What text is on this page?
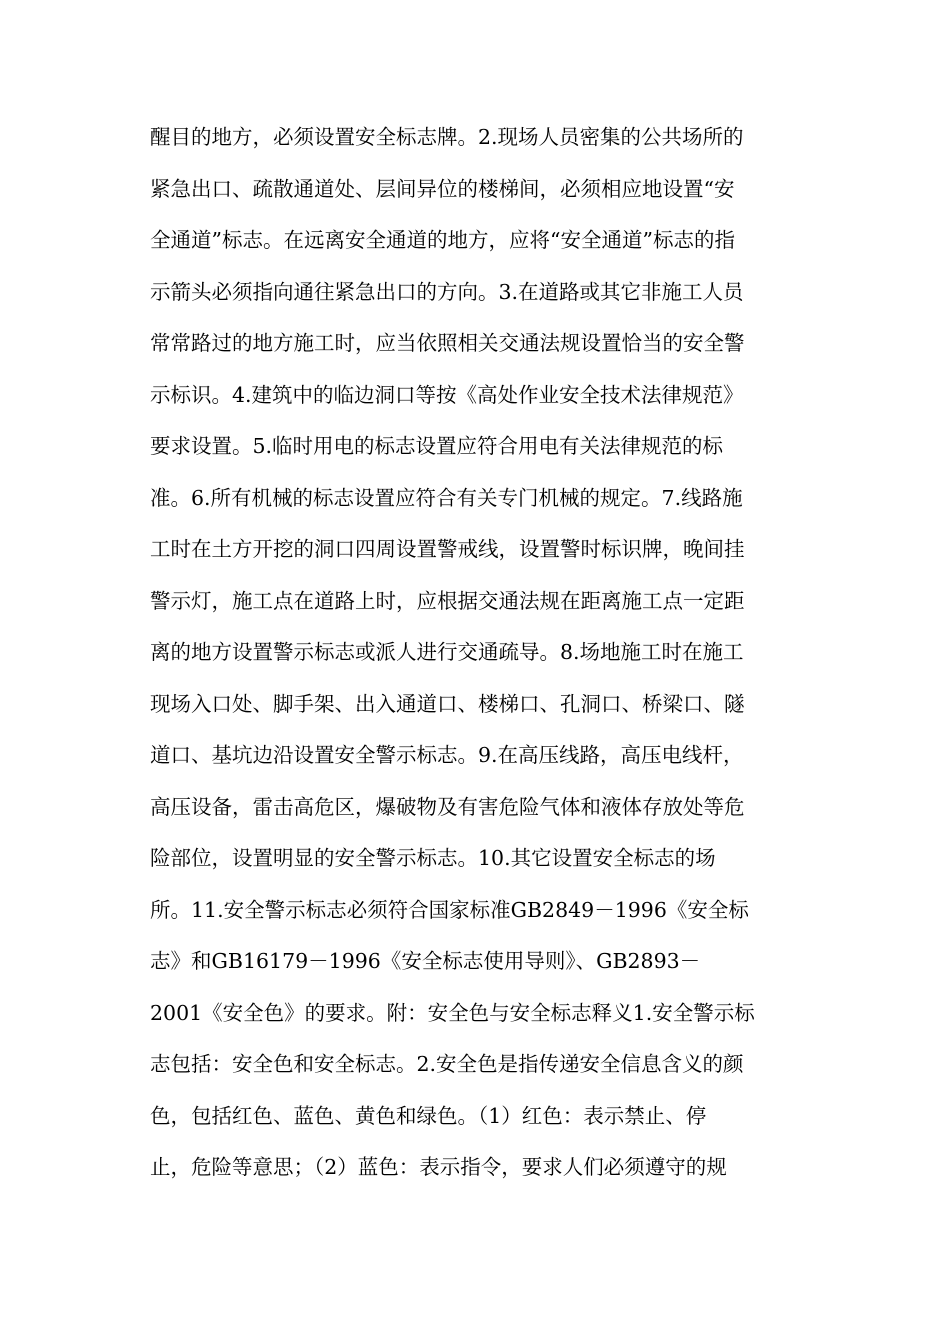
醒目的地方，必须设置安全标志牌。2.现场人员密集的公共场所的
紧急出口、疏散通道处、层间异位的楼梯间，必须相应地设置“安
全通道”标志。在远离安全通道的地方，应将“安全通道”标志的指
示箭头必须指向通往紧急出口的方向。3.在道路或其它非施工人员
常常路过的地方施工时，应当依照相关交通法规设置恰当的安全警
示标识。4.建筑中的临边洞口等按《高处作业安全技术法律规范》
要求设置。5.临时用电的标志设置应符合用电有关法律规范的标
准。6.所有机械的标志设置应符合有关专门机械的规定。7.线路施
工时在土方开挖的洞口四周设置警戒线，设置警时标识牌，晚间挂
警示灯，施工点在道路上时，应根据交通法规在距离施工点一定距
离的地方设置警示标志或派人进行交通疏导。8.场地施工时在施工
现场入口处、脚手架、出入通道口、楼梯口、孔洞口、桥梁口、隧
道口、基坑边沿设置安全警示标志。9.在高压线路，高压电线杆，
高压设备，雷击高危区，爆破物及有害危险气体和液体存放处等危
险部位，设置明显的安全警示标志。10.其它设置安全标志的场
所。11.安全警示标志必须符合国家标准GB2849－1996《安全标
志》和GB16179－1996《安全标志使用导则》、GB2893－
2001《安全色》的要求。附：安全色与安全标志释义1.安全警示标
志包括：安全色和安全标志。2.安全色是指传递安全信息含义的颜
色，包括红色、蓝色、黄色和绿色。（1）红色：表示禁止、停
止，危险等意思；（2）蓝色：表示指令，要求人们必须遵守的规
